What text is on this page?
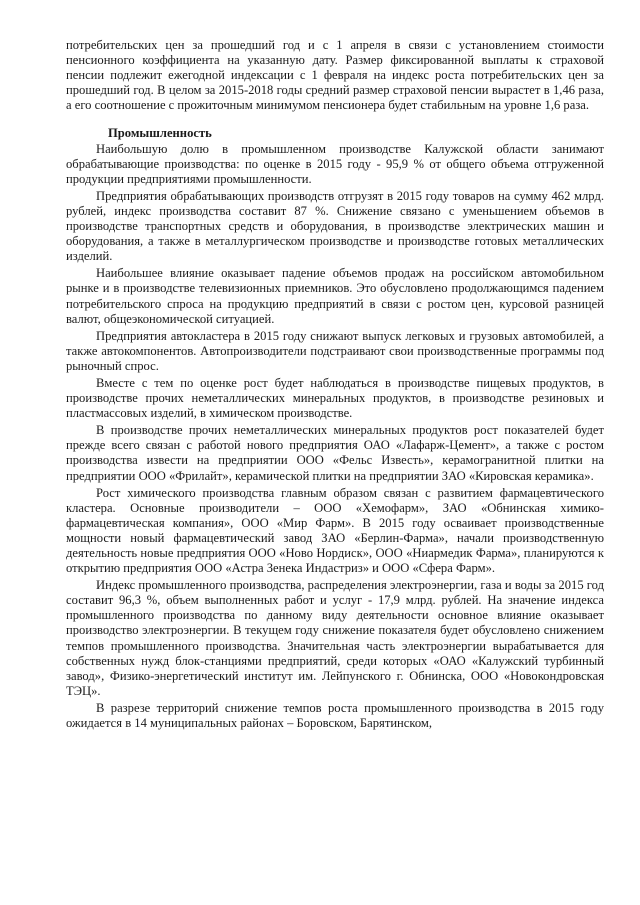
потребительских цен за прошедший год и с 1 апреля в связи с установлением стоимости пенсионного коэффициента на указанную дату. Размер фиксированной выплаты к страховой пенсии подлежит ежегодной индексации с 1 февраля на индекс роста потребительских цен за прошедший год. В целом за 2015-2018 годы средний размер страховой пенсии вырастет в 1,46 раза, а его соотношение с прожиточным минимумом пенсионера будет стабильным на уровне 1,6 раза.

Промышленность

Наибольшую долю в промышленном производстве Калужской области занимают обрабатывающие производства: по оценке в 2015 году - 95,9 % от общего объема отгруженной продукции предприятиями промышленности.

Предприятия обрабатывающих производств отгрузят в 2015 году товаров на сумму 462 млрд. рублей, индекс производства составит 87 %. Снижение связано с уменьшением объемов в производстве транспортных средств и оборудования, в производстве электрических машин и оборудования, а также в металлургическом производстве и производстве готовых металлических изделий.

Наибольшее влияние оказывает падение объемов продаж на российском автомобильном рынке и в производстве телевизионных приемников. Это обусловлено продолжающимся падением потребительского спроса на продукцию предприятий в связи с ростом цен, курсовой разницей валют, общеэкономической ситуацией.

Предприятия автокластера в 2015 году снижают выпуск легковых и грузовых автомобилей, а также автокомпонентов. Автопроизводители подстраивают свои производственные программы под рыночный спрос.

Вместе с тем по оценке рост будет наблюдаться в производстве пищевых продуктов, в производстве прочих неметаллических минеральных продуктов, в производстве резиновых и пластмассовых изделий, в химическом производстве.

В производстве прочих неметаллических минеральных продуктов рост показателей будет прежде всего связан с работой нового предприятия ОАО «Лафарж-Цемент», а также с ростом производства извести на предприятии ООО «Фельс Известь», керамогранитной плитки на предприятии ООО «Фрилайт», керамической плитки на предприятии ЗАО «Кировская керамика».

Рост химического производства главным образом связан с развитием фармацевтического кластера. Основные производители – ООО «Хемофарм», ЗАО «Обнинская химико-фармацевтическая компания», ООО «Мир Фарм». В 2015 году осваивает производственные мощности новый фармацевтический завод ЗАО «Берлин-Фарма», начали производственную деятельность новые предприятия ООО «Ново Нордиск», ООО «Ниармедик Фарма», планируются к открытию предприятия ООО «Астра Зенека Индастриз» и ООО «Сфера Фарм».

Индекс промышленного производства, распределения электроэнергии, газа и воды за 2015 год составит 96,3 %, объем выполненных работ и услуг - 17,9 млрд. рублей. На значение индекса промышленного производства по данному виду деятельности основное влияние оказывает производство электроэнергии. В текущем году снижение показателя будет обусловлено снижением темпов промышленного производства. Значительная часть электроэнергии вырабатывается для собственных нужд блок-станциями предприятий, среди которых «ОАО «Калужский турбинный завод», Физико-энергетический институт им. Лейпунского г. Обнинска, ООО «Новокондровская ТЭЦ».

В разрезе территорий снижение темпов роста промышленного производства в 2015 году ожидается в 14 муниципальных районах – Боровском, Барятинском,
